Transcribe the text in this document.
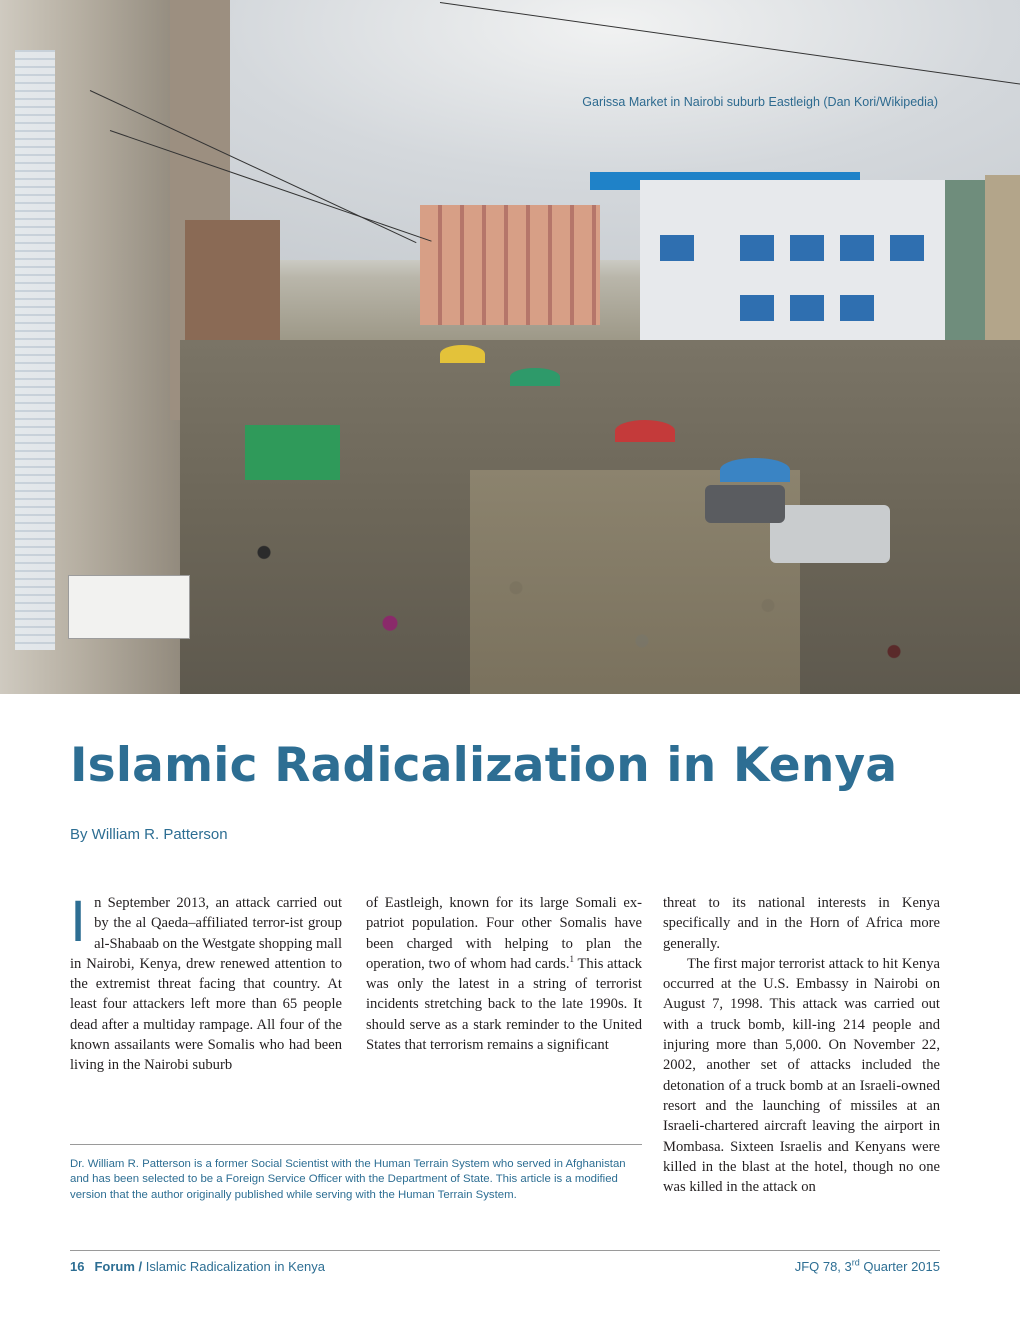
Garissa Market in Nairobi suburb Eastleigh (Dan Kori/Wikipedia)
Islamic Radicalization in Kenya
By William R. Patterson

In September 2013, an attack carried out by the al Qaeda–affiliated terror-ist group al-Shabaab on the Westgate shopping mall in Nairobi, Kenya, drew renewed attention to the extremist threat facing that country. At least four attackers left more than 65 people dead after a multiday rampage. All four of the known assailants were Somalis who had been living in the Nairobi suburb

of Eastleigh, known for its large Somali ex-patriot population. Four other Somalis have been charged with helping to plan the operation, two of whom had cards.$^1$ This attack was only the latest in a string of terrorist incidents stretching back to the late 1990s. It should serve as a stark reminder to the United States that terrorism remains a significant

threat to its national interests in Kenya specifically and in the Horn of Africa more generally.

The first major terrorist attack to hit Kenya occurred at the U.S. Embassy in Nairobi on August 7, 1998. This attack was carried out with a truck bomb, kill-ing 214 people and injuring more than 5,000. On November 22, 2002, another set of attacks included the detonation of a truck bomb at an Israeli-owned resort and the launching of missiles at an Israeli-chartered aircraft leaving the airport in Mombasa. Sixteen Israelis and Kenyans were killed in the blast at the hotel, though no one was killed in the attack on

Dr. William R. Patterson is a former Social Scientist with the Human Terrain System who served in Afghanistan and has been selected to be a Foreign Service Officer with the Department of State. This article is a modified version that the author originally published while serving with the Human Terrain System.
16 Forum / Islamic Radicalization in Kenya	JFQ 78, 3rd Quarter 2015
